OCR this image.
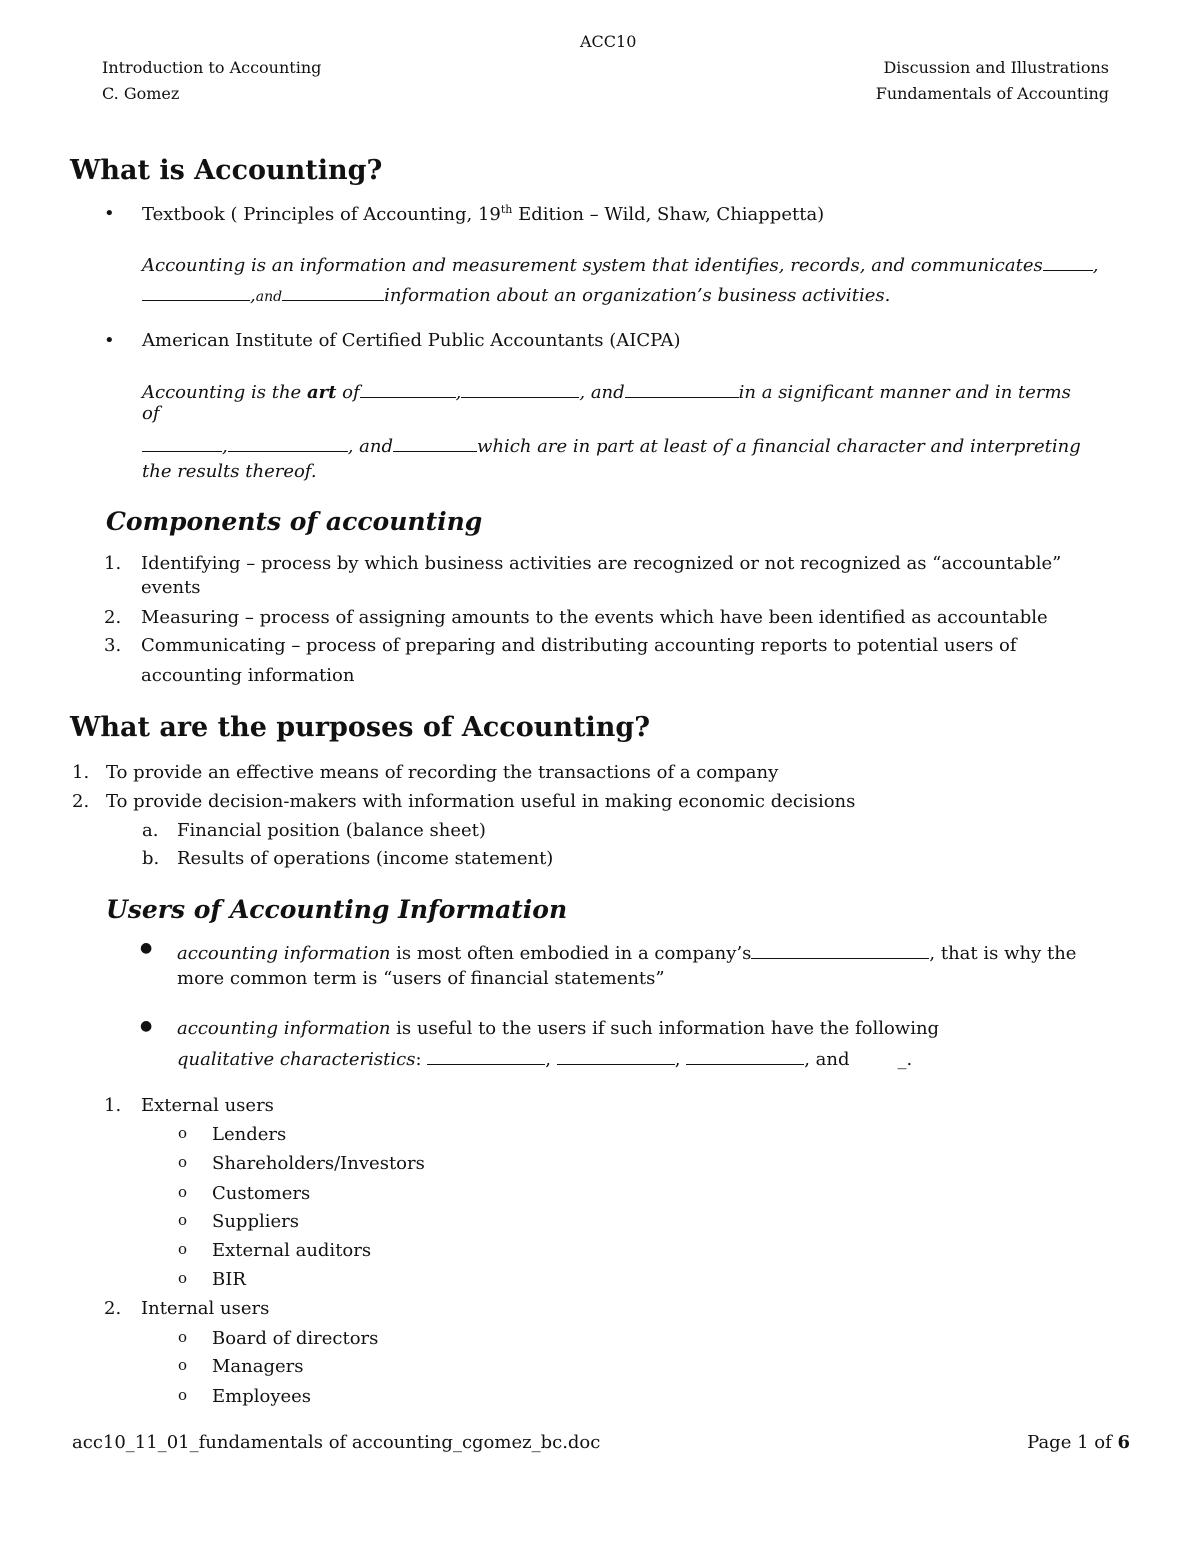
ACC10
Introduction to Accounting
C. Gomez
Discussion and Illustrations
Fundamentals of Accounting
What is Accounting?
• Textbook ( Principles of Accounting, 19th Edition – Wild, Shaw, Chiappetta)
Accounting is an information and measurement system that identifies, records, and communicates	,
,and	information about an organization’s business activities.
• American Institute of Certified Public Accountants (AICPA)
Accounting is the art of	,	, and	in a significant manner and in terms
of
,	, and	which are in part at least of a financial character and interpreting
the results thereof.
Components of accounting
1. Identifying – process by which business activities are recognized or not recognized as “accountable”
events
2. Measuring – process of assigning amounts to the events which have been identified as accountable
3. Communicating – process of preparing and distributing accounting reports to potential users of
accounting information
What are the purposes of Accounting?
1. To provide an effective means of recording the transactions of a company
2. To provide decision-makers with information useful in making economic decisions
a. Financial position (balance sheet)
b. Results of operations (income statement)
Users of Accounting Information
● accounting information is most often embodied in a company’s	, that is why the
more common term is “users of financial statements”
● accounting information is useful to the users if such information have the following
qualitative characteristics:	,	,	, and	_.
1. External users
o Lenders
o Shareholders/Investors
o Customers
o Suppliers
o External auditors
o BIR
2. Internal users
o Board of directors
o Managers
o Employees
acc10_11_01_fundamentals of accounting_cgomez_bc.doc	Page 1 of 6
